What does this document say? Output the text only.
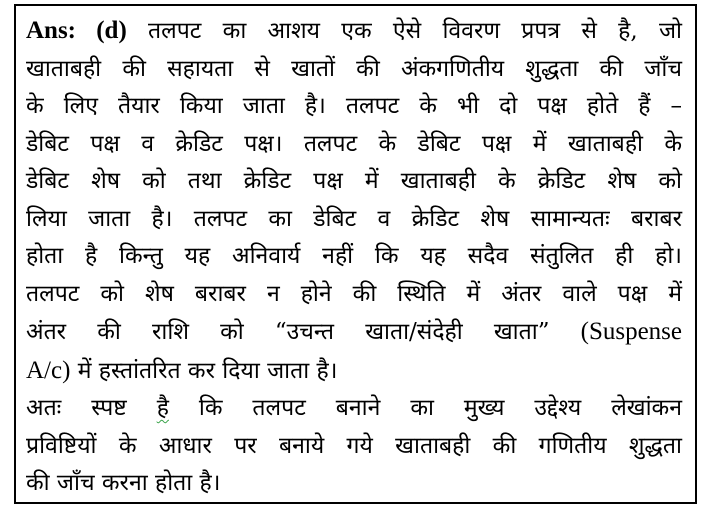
Ans: (d) तलपट का आशय एक ऐसे विवरण प्रपत्र से है, जो
खाताबही की सहायता से खातों की अंकगणितीय शुद्धता की जाँच
के लिए तैयार किया जाता है। तलपट के भी दो पक्ष होते हैं –
डेबिट पक्ष व क्रेडिट पक्ष। तलपट के डेबिट पक्ष में खाताबही के
डेबिट शेष को तथा क्रेडिट पक्ष में खाताबही के क्रेडिट शेष को
लिया जाता है। तलपट का डेबिट व क्रेडिट शेष सामान्यतः बराबर
होता है किन्तु यह अनिवार्य नहीं कि यह सदैव संतुलित ही हो।
तलपट को शेष बराबर न होने की स्थिति में अंतर वाले पक्ष में
अंतर की राशि को “उचन्त खाता/संदेही खाता” (Suspense
A/c) में हस्तांतरित कर दिया जाता है।
अतः स्पष्ट है कि तलपट बनाने का मुख्य उद्देश्य लेखांकन
प्रविष्टियों के आधार पर बनाये गये खाताबही की गणितीय शुद्धता
की जाँच करना होता है।
